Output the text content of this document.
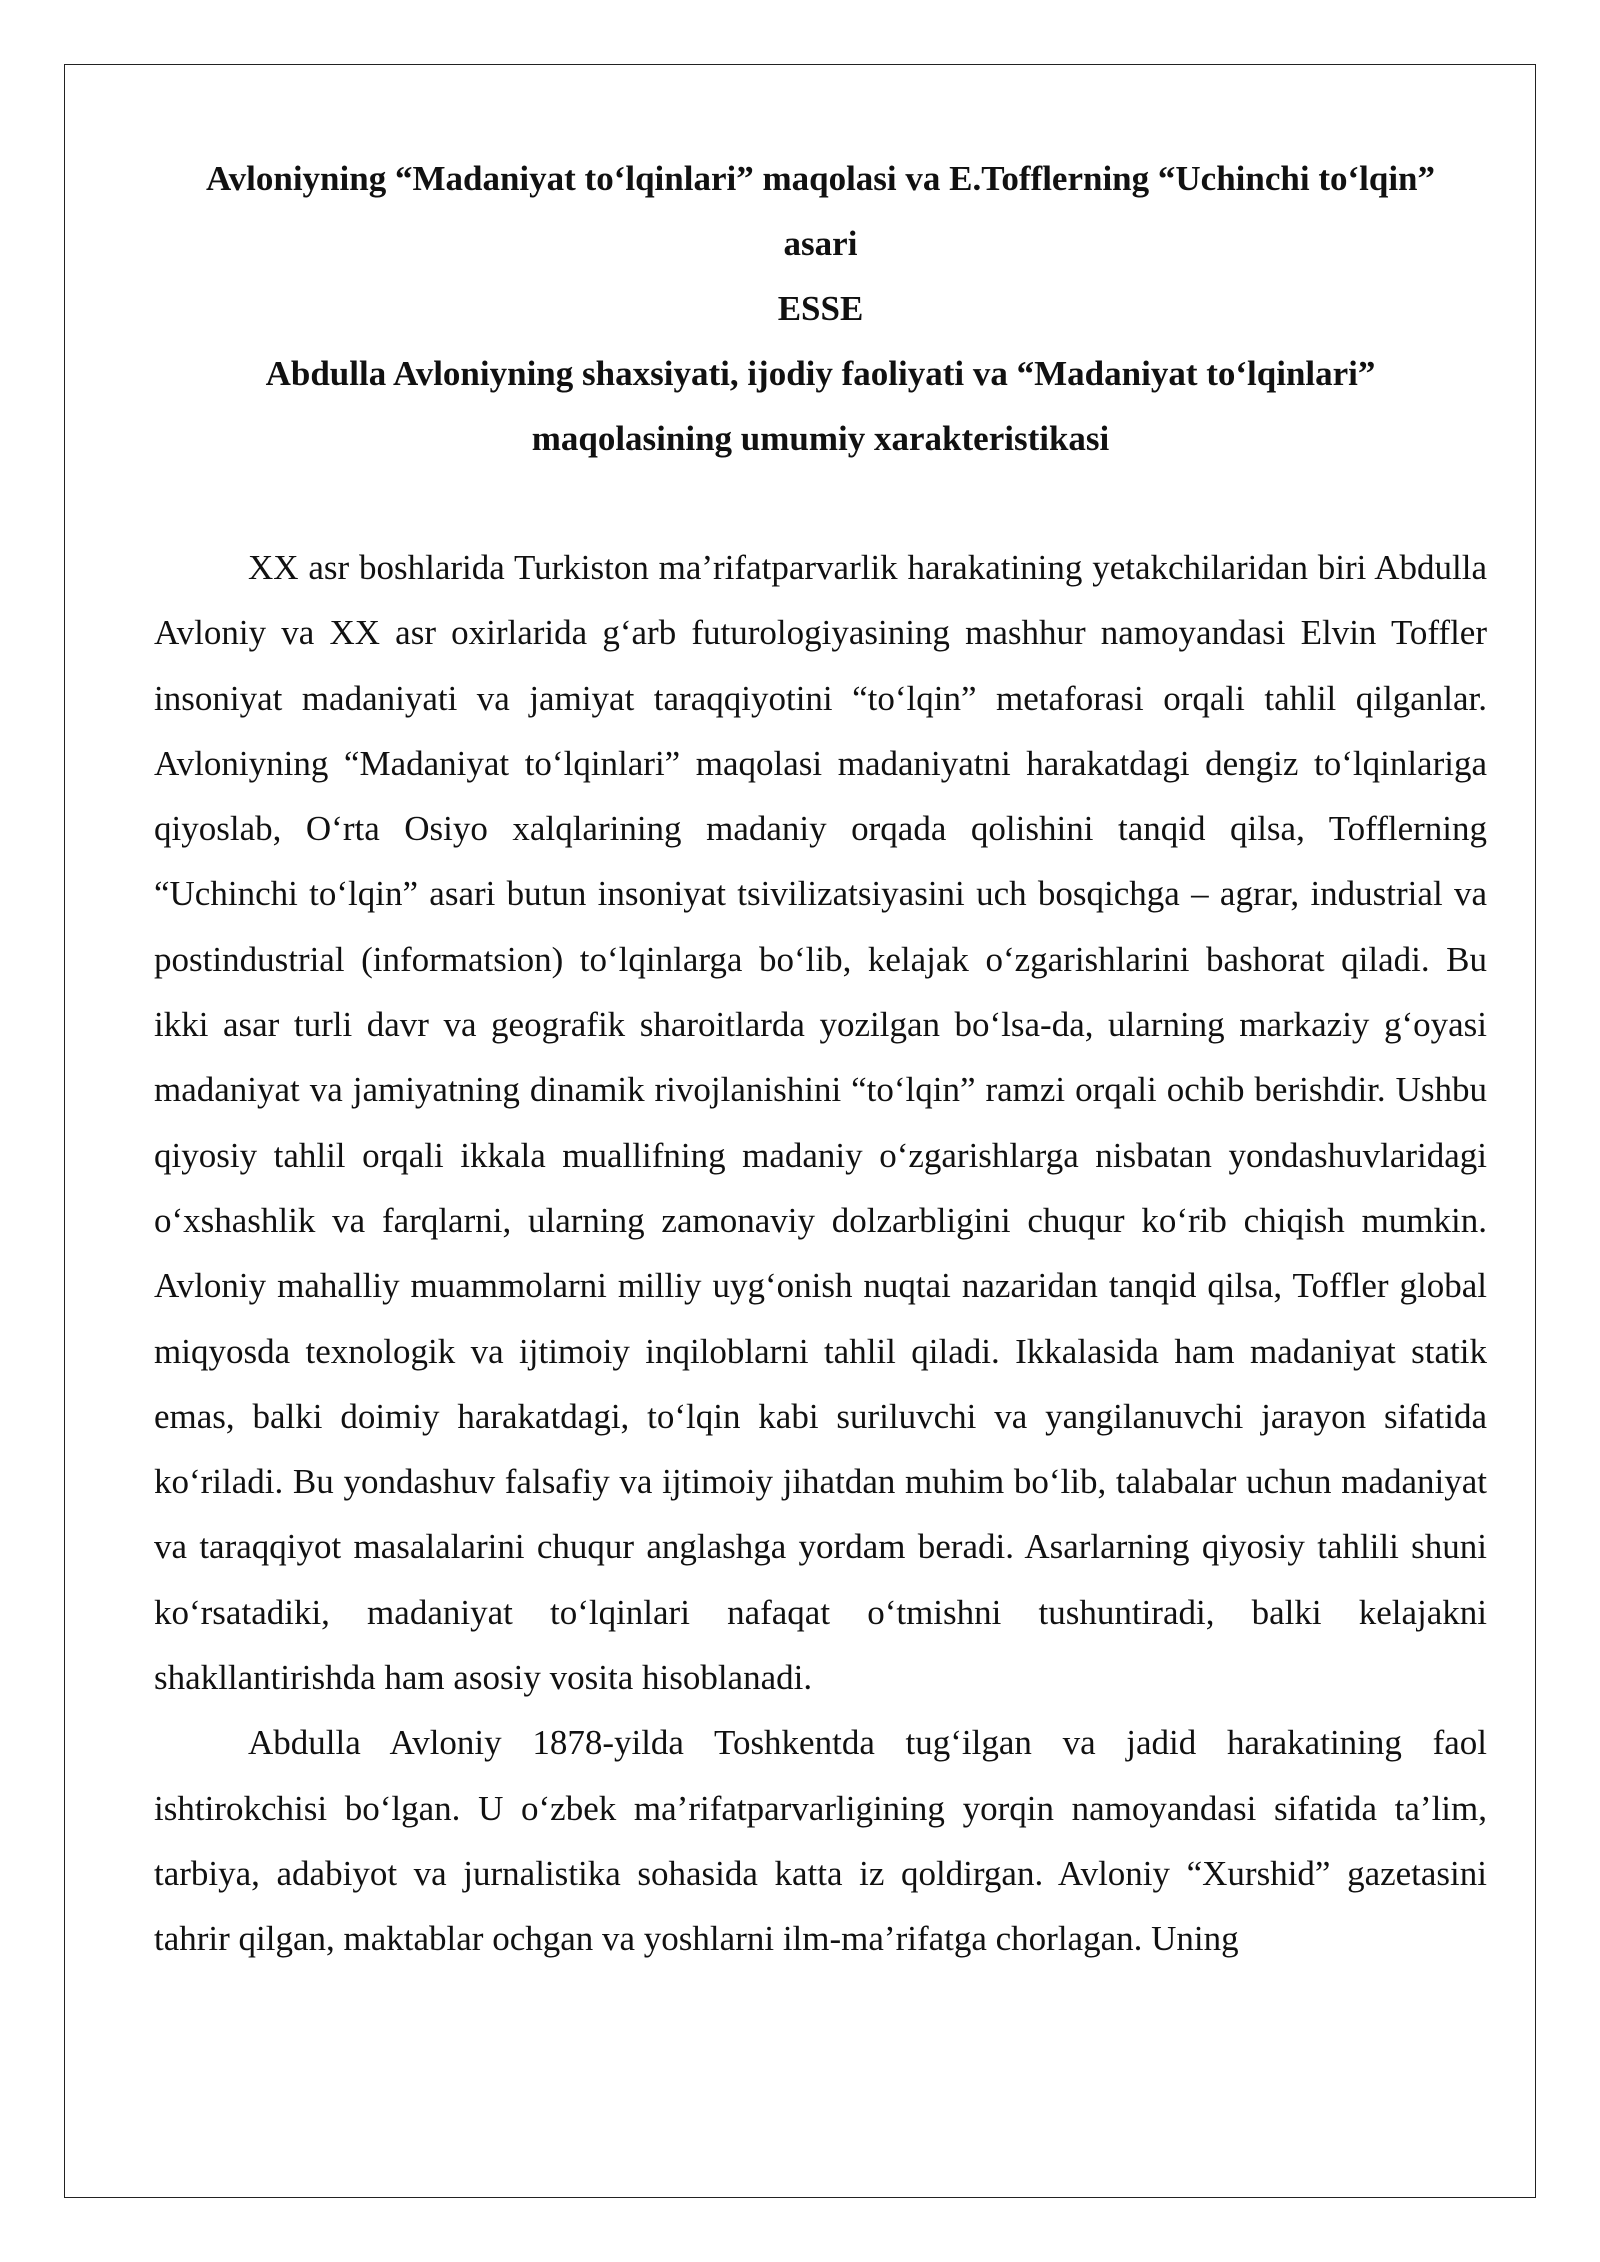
Avloniyning “Madaniyat to‘lqinlari” maqolasi va E.Tofflerning “Uchinchi to‘lqin”

asari

ESSE

Abdulla Avloniyning shaxsiyati, ijodiy faoliyati va “Madaniyat to‘lqinlari”

maqolasining umumiy xarakteristikasi

XX asr boshlarida Turkiston ma’rifatparvarlik harakatining yetakchilaridan biri Abdulla Avloniy va XX asr oxirlarida g‘arb futurologiyasining mashhur namoyandasi Elvin Toffler insoniyat madaniyati va jamiyat taraqqiyotini “to‘lqin” metaforasi orqali tahlil qilganlar. Avloniyning “Madaniyat to‘lqinlari” maqolasi madaniyatni harakatdagi dengiz to‘lqinlariga qiyoslab, O‘rta Osiyo xalqlarining madaniy orqada qolishini tanqid qilsa, Tofflerning “Uchinchi to‘lqin” asari butun insoniyat tsivilizatsiyasini uch bosqichga – agrar, industrial va postindustrial (informatsion) to‘lqinlarga bo‘lib, kelajak o‘zgarishlarini bashorat qiladi. Bu ikki asar turli davr va geografik sharoitlarda yozilgan bo‘lsa-da, ularning markaziy g‘oyasi madaniyat va jamiyatning dinamik rivojlanishini “to‘lqin” ramzi orqali ochib berishdir. Ushbu qiyosiy tahlil orqali ikkala muallifning madaniy o‘zgarishlarga nisbatan yondashuvlaridagi o‘xshashlik va farqlarni, ularning zamonaviy dolzarbligini chuqur ko‘rib chiqish mumkin. Avloniy mahalliy muammolarni milliy uyg‘onish nuqtai nazaridan tanqid qilsa, Toffler global miqyosda texnologik va ijtimoiy inqiloblarni tahlil qiladi. Ikkalasida ham madaniyat statik emas, balki doimiy harakatdagi, to‘lqin kabi suriluvchi va yangilanuvchi jarayon sifatida ko‘riladi. Bu yondashuv falsafiy va ijtimoiy jihatdan muhim bo‘lib, talabalar uchun madaniyat va taraqqiyot masalalarini chuqur anglashga yordam beradi. Asarlarning qiyosiy tahlili shuni ko‘rsatadiki, madaniyat to‘lqinlari nafaqat o‘tmishni tushuntiradi, balki kelajakni shakllantirishda ham asosiy vosita hisoblanadi.

Abdulla Avloniy 1878-yilda Toshkentda tug‘ilgan va jadid harakatining faol ishtirokchisi bo‘lgan. U o‘zbek ma’rifatparvarligining yorqin namoyandasi sifatida ta’lim, tarbiya, adabiyot va jurnalistika sohasida katta iz qoldirgan. Avloniy “Xurshid” gazetasini tahrir qilgan, maktablar ochgan va yoshlarni ilm-ma’rifatga chorlagan. Uning
